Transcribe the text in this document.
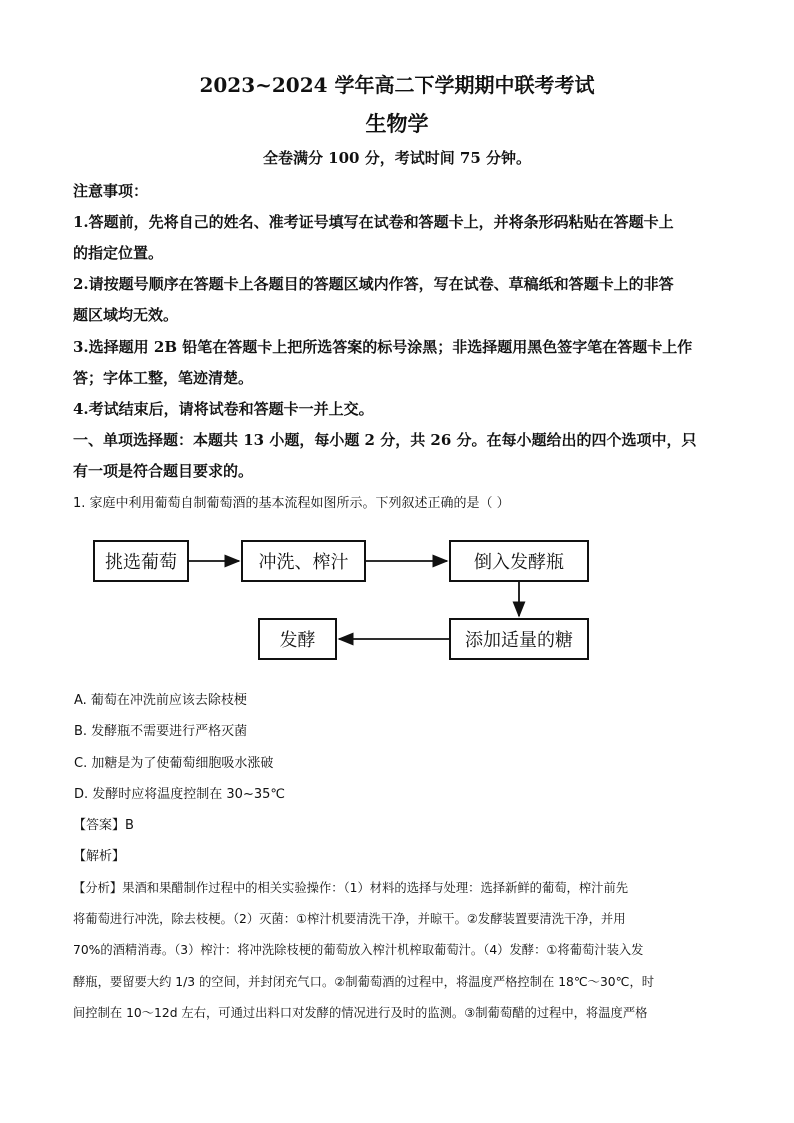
2023~2024 学年高二下学期期中联考考试
生物学
全卷满分 100 分，考试时间 75 分钟。
注意事项：
1.答题前，先将自己的姓名、准考证号填写在试卷和答题卡上，并将条形码粘贴在答题卡上
的指定位置。
2.请按题号顺序在答题卡上各题目的答题区域内作答，写在试卷、草稿纸和答题卡上的非答
题区域均无效。
3.选择题用 2B 铅笔在答题卡上把所选答案的标号涂黑；非选择题用黑色签字笔在答题卡上作
答；字体工整，笔迹清楚。
4.考试结束后，请将试卷和答题卡一并上交。
一、单项选择题：本题共 13 小题，每小题 2 分，共 26 分。在每小题给出的四个选项中，只
有一项是符合题目要求的。
1. 家庭中利用葡萄自制葡萄酒的基本流程如图所示。下列叙述正确的是（ ）
挑选葡萄	冲洗、榨汁	倒入发酵瓶
添加适量的糖
发酵
A. 葡萄在冲洗前应该去除枝梗
B. 发酵瓶不需要进行严格灭菌
C. 加糖是为了使葡萄细胞吸水涨破
D. 发酵时应将温度控制在 30~35℃
【答案】B
【解析】
【分析】果酒和果醋制作过程中的相关实验操作：（1）材料的选择与处理：选择新鲜的葡萄，榨汁前先
将葡萄进行冲洗，除去枝梗。（2）灭菌：①榨汁机要清洗干净，并晾干。②发酵装置要清洗干净，并用
70%的酒精消毒。（3）榨汁：将冲洗除枝梗的葡萄放入榨汁机榨取葡萄汁。（4）发酵：①将葡萄汁装入发
酵瓶，要留要大约 1/3 的空间，并封闭充气口。②制葡萄酒的过程中，将温度严格控制在 18℃～30℃，时
间控制在 10～12d 左右，可通过出料口对发酵的情况进行及时的监测。③制葡萄醋的过程中，将温度严格
